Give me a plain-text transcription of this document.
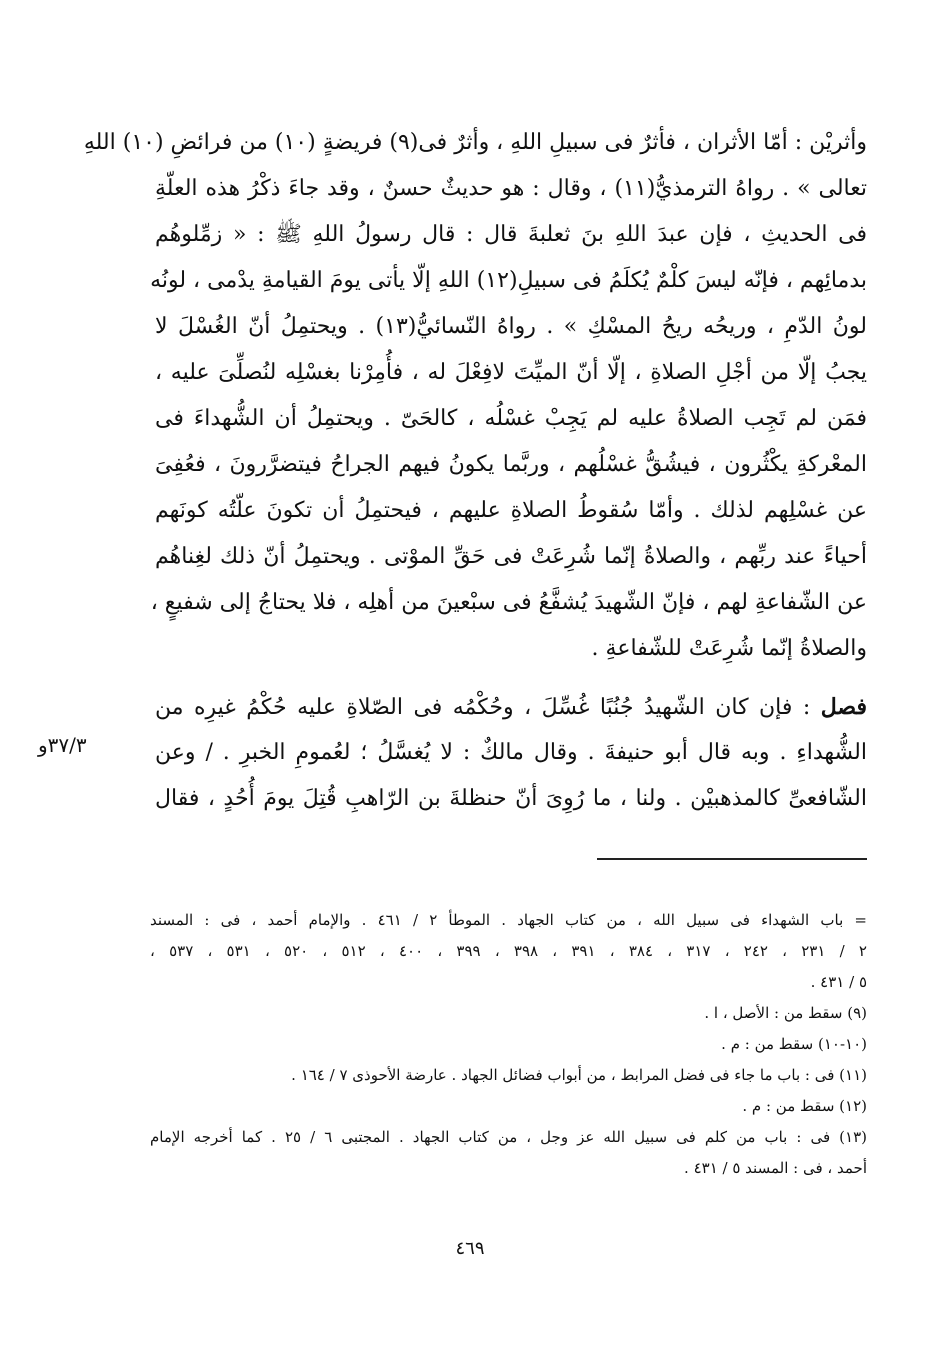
وأثريْن : أمّا الأثران ، فأثرٌ فى سبيلِ اللهِ ، وأثرٌ فى(٩) فريضةٍ (١٠) من فرائضِ (١٠) اللهِ
تعالى » . رواهُ الترمذيُّ(١١) ، وقال : هو حديثٌ حسنٌ ، وقد جاءَ ذكْرُ هذه العلّةِ
فى الحديثِ ، فإن عبدَ اللهِ بنَ ثعلبةَ قال : قال رسولُ اللهِ ﷺ : « زمِّلوهُم
بدمائِهم ، فإنّه ليسَ كلْمٌ يُكلَمُ فى سبيلِ(١٢) اللهِ إلّا يأتى يومَ القيامةِ يدْمى ، لونُه
لونُ الدّمِ ، وريحُه ريحُ المسْكِ » . رواهُ النّسائيُّ(١٣) . ويحتمِلُ أنّ الغُسْلَ لا
يجبُ إلّا من أجْلِ الصلاةِ ، إلّا أنّ الميِّتَ لافِعْلَ له ، فأُمِرْنا بغسْلِه لنُصلِّىَ عليه ،
فمَن لم تَجِب الصلاةُ عليه لم يَجِبْ غسْلُه ، كالحَىّ . ويحتمِلُ أن الشُّهداءَ فى
المعْركةِ يكْثُرون ، فيشُقُّ غسْلُهم ، وربَّما يكونُ فيهم الجراحُ فيتضرَّرونَ ، فعُفِىَ
عن غسْلِهم لذلك . وأمّا سُقوطُ الصلاةِ عليهم ، فيحتمِلُ أن تكونَ علّتُه كونَهم
أحياءً عند ربِّهم ، والصلاةُ إنّما شُرِعَتْ فى حَقِّ الموْتى . ويحتمِلُ أنّ ذلك لغِناهُم
عن الشّفاعةِ لهم ، فإنّ الشّهيدَ يُشفَّعُ فى سبْعينَ من أهلِه ، فلا يحتاجُ إلى شفيعٍ ،
والصلاةُ إنّما شُرِعَتْ للشّفاعةِ .
فصل : فإن كان الشّهيدُ جُنُبًا غُسِّلَ ، وحُكْمُه فى الصّلاةِ عليه حُكْمُ غيرِه من
الشُّهداءِ . وبه قال أبو حنيفةَ . وقال مالكٌ : لا يُغسَّلُ ؛ لعُمومِ الخبرِ . / وعن
الشّافعىِّ كالمذهبيْن . ولنا ، ما رُوِىَ أنّ حنظلةَ بن الرّاهبِ قُتِلَ يومَ أُحُدٍ ، فقال
٣٧/٣و
= باب الشهداء فى سبيل الله ، من كتاب الجهاد . الموطأ ٢ / ٤٦١ . والإمام أحمد ، فى : المسند
٢ / ٢٣١ ، ٢٤٢ ، ٣١٧ ، ٣٨٤ ، ٣٩١ ، ٣٩٨ ، ٣٩٩ ، ٤٠٠ ، ٥١٢ ، ٥٢٠ ، ٥٣١ ، ٥٣٧ ،
٥ / ٤٣١ .
(٩) سقط من : الأصل ، ا .
(١٠-١٠) سقط من : م .
(١١) فى : باب ما جاء فى فضل المرابط ، من أبواب فضائل الجهاد . عارضة الأحوذى ٧ / ١٦٤ .
(١٢) سقط من : م .
(١٣) فى : باب من كلم فى سبيل الله عز وجل ، من كتاب الجهاد . المجتبى ٦ / ٢٥ . كما أخرجه الإمام
أحمد ، فى : المسند ٥ / ٤٣١ .
٤٦٩
